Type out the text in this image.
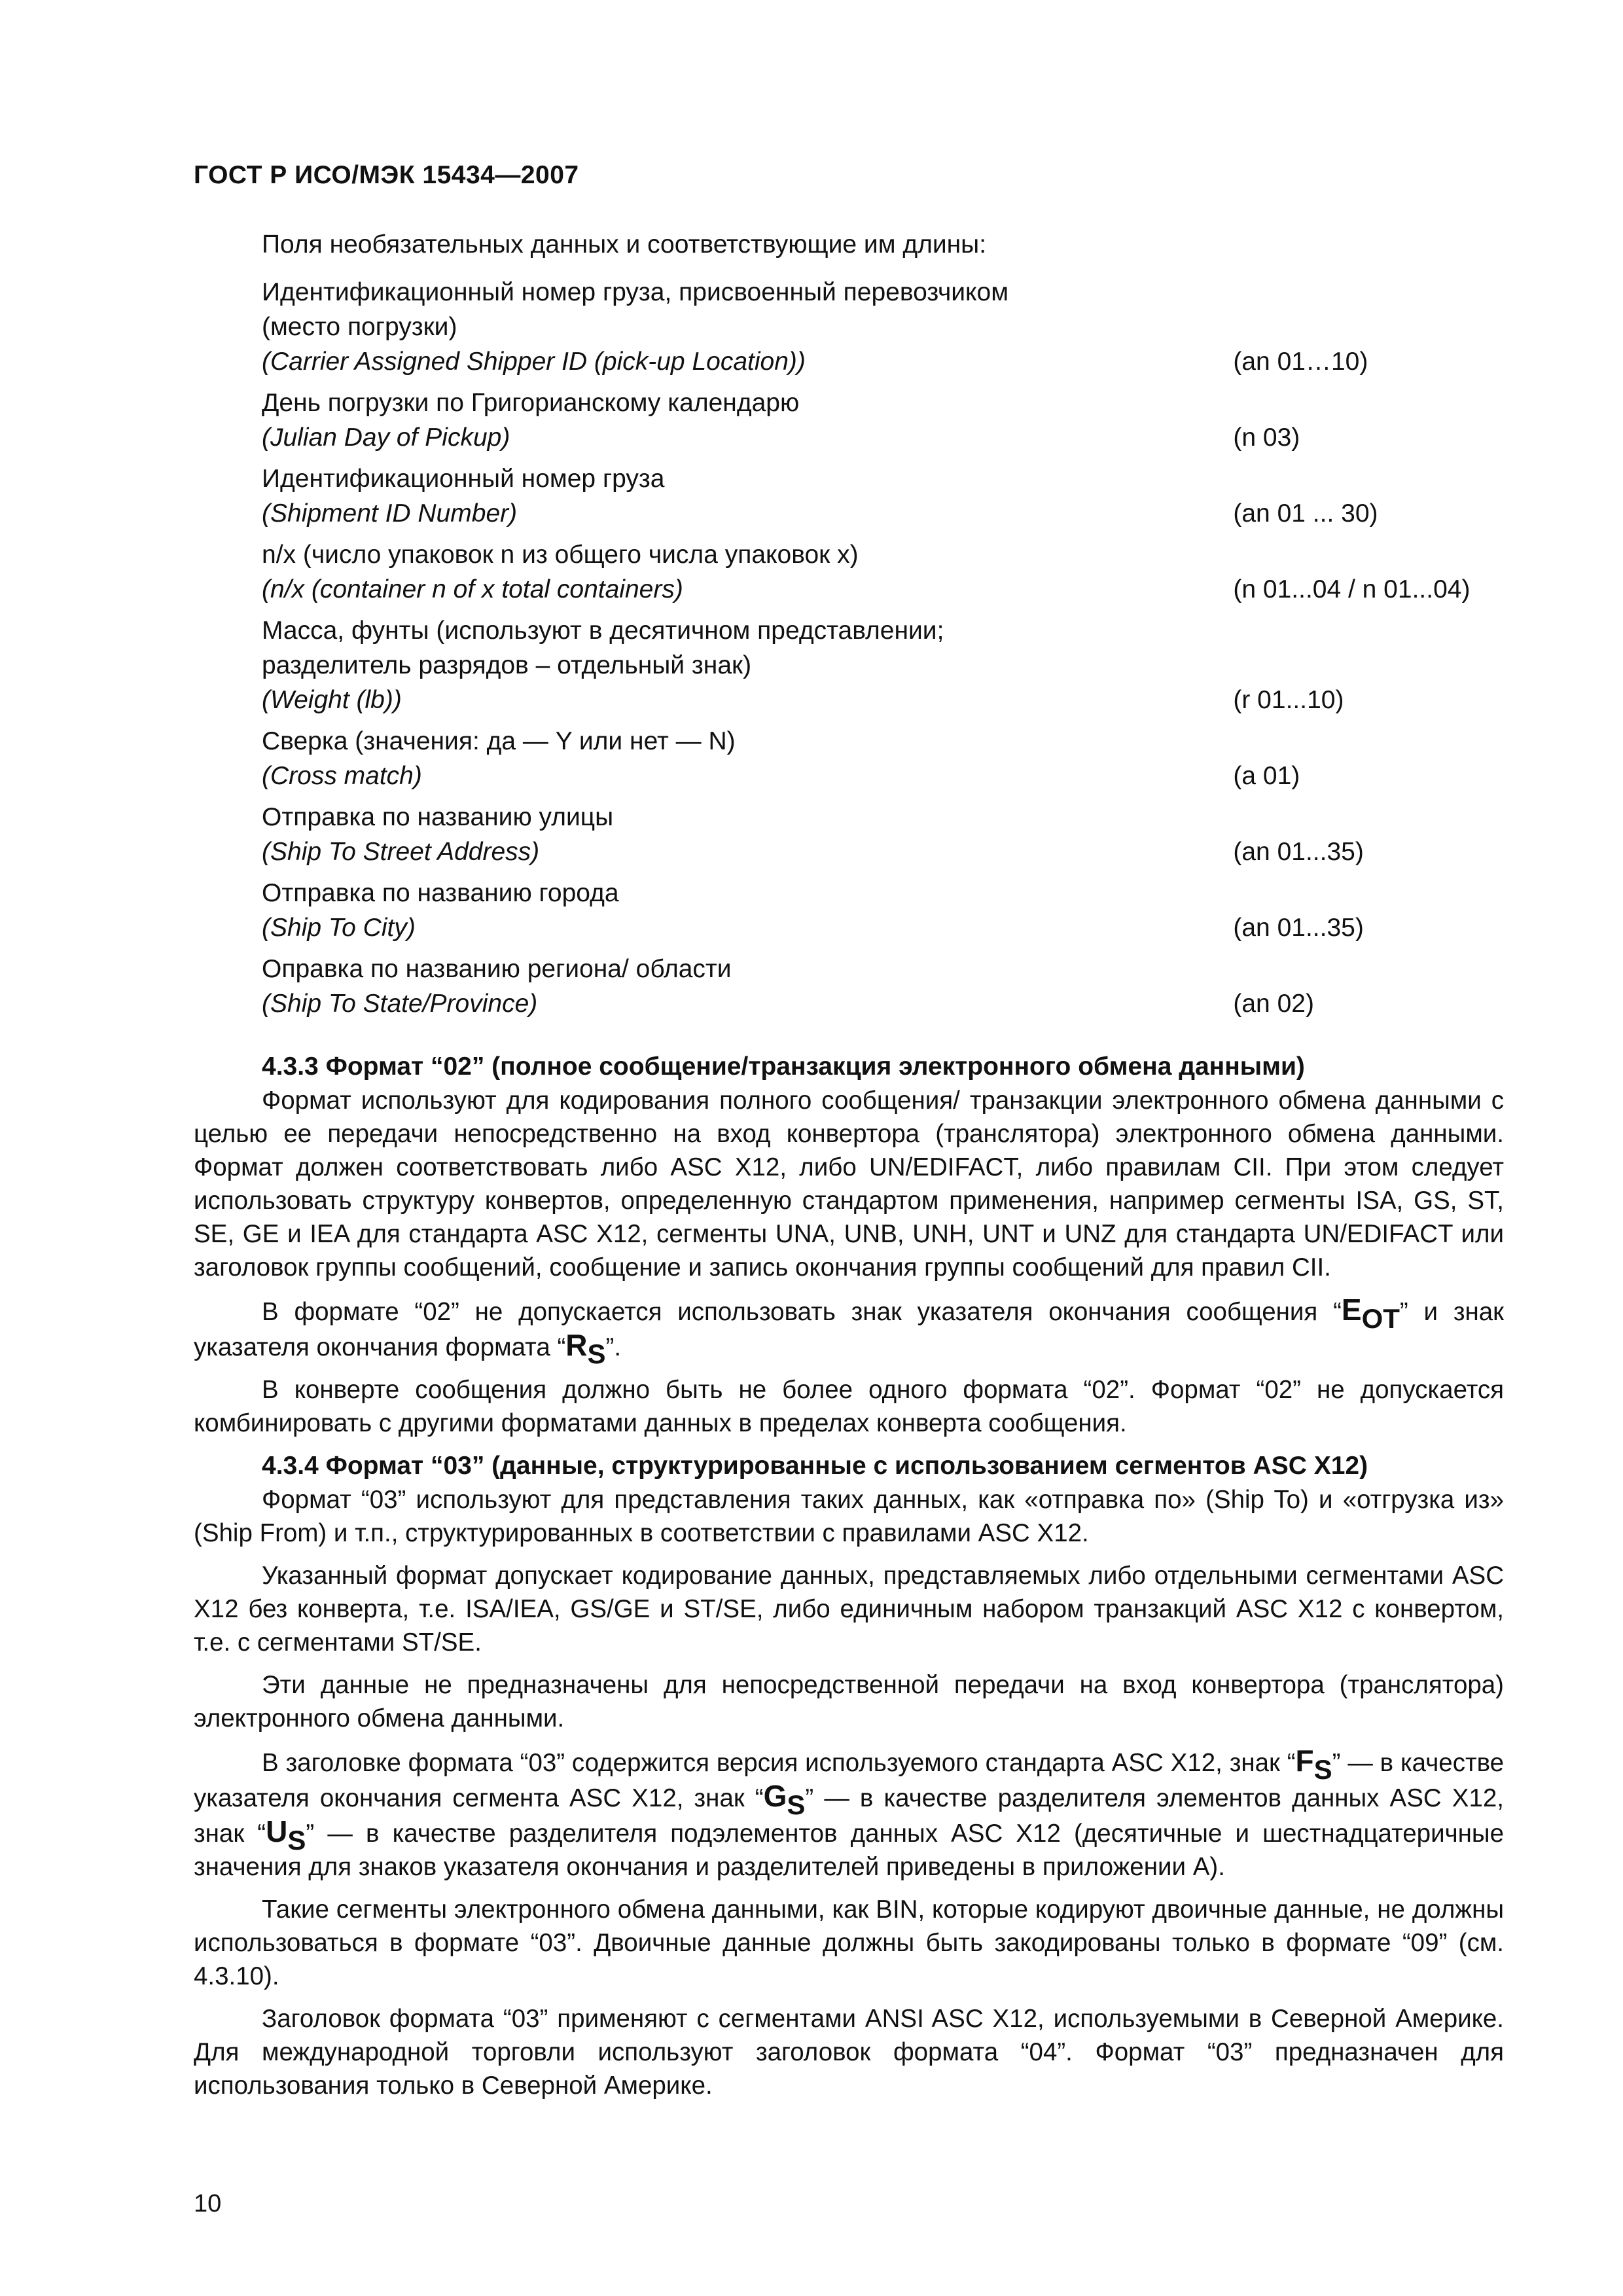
ГОСТ Р ИСО/МЭК 15434—2007
Поля необязательных данных и соответствующие им длины:
Идентификационный номер груза, присвоенный перевозчиком (место погрузки)
(Carrier Assigned Shipper ID (pick-up Location))	(an 01…10)
День погрузки по Григорианскому календарю
(Julian Day of Pickup)	(n 03)
Идентификационный номер груза
(Shipment ID Number)	(an 01 ... 30)
n/x (число упаковок n из общего числа упаковок x)
(n/x (container n of x total containers)	(n 01...04 / n 01...04)
Масса, фунты (используют в десятичном представлении; разделитель разрядов – отдельный знак)
(Weight (lb))	(r 01...10)
Сверка (значения: да — Y или нет — N)
(Cross match)	(a 01)
Отправка по названию улицы
(Ship To Street Address)	(an 01...35)
Отправка по названию города
(Ship To City)	(an 01...35)
Оправка по названию региона/ области
(Ship To State/Province)	(an 02)
4.3.3 Формат “02” (полное сообщение/транзакция электронного обмена данными)

Формат используют для кодирования полного сообщения/ транзакции электронного обмена данными с целью ее передачи непосредственно на вход конвертора (транслятора) электронного обмена данными. Формат должен соответствовать либо ASC X12, либо UN/EDIFACT, либо правилам CII. При этом следует использовать структуру конвертов, определенную стандартом применения, например сегменты ISA, GS, ST, SE, GE и IEA для стандарта ASC X12, сегменты UNA, UNB, UNH, UNT и UNZ для стандарта UN/EDIFACT или заголовок группы сообщений, сообщение и запись окончания группы сообщений для правил CII.

В формате “02” не допускается использовать знак указателя окончания сообщения “EOT” и знак указателя окончания формата “RS”.

В конверте сообщения должно быть не более одного формата “02”. Формат “02” не допускается комбинировать с другими форматами данных в пределах конверта сообщения.

4.3.4 Формат “03” (данные, структурированные с использованием сегментов ASC X12)

Формат “03” используют для представления таких данных, как «отправка по» (Ship To) и «отгрузка из» (Ship From) и т.п., структурированных в соответствии с правилами ASC X12.

Указанный формат допускает кодирование данных, представляемых либо отдельными сегментами ASC X12 без конверта, т.е. ISA/IEA, GS/GE и ST/SE, либо единичным набором транзакций ASC X12 с конвертом, т.е. с сегментами ST/SE.

Эти данные не предназначены для непосредственной передачи на вход конвертора (транслятора) электронного обмена данными.

В заголовке формата “03” содержится версия используемого стандарта ASC X12, знак “FS” — в качестве указателя окончания сегмента ASC X12, знак “GS” — в качестве разделителя элементов данных ASC X12, знак “US” — в качестве разделителя подэлементов данных ASC X12 (десятичные и шестнадцатеричные значения для знаков указателя окончания и разделителей приведены в приложении А).

Такие сегменты электронного обмена данными, как BIN, которые кодируют двоичные данные, не должны использоваться в формате “03”. Двоичные данные должны быть закодированы только в формате “09” (см. 4.3.10).

Заголовок формата “03” применяют с сегментами ANSI ASC X12, используемыми в Северной Америке. Для международной торговли используют заголовок формата “04”. Формат “03” предназначен для использования только в Северной Америке.

10
